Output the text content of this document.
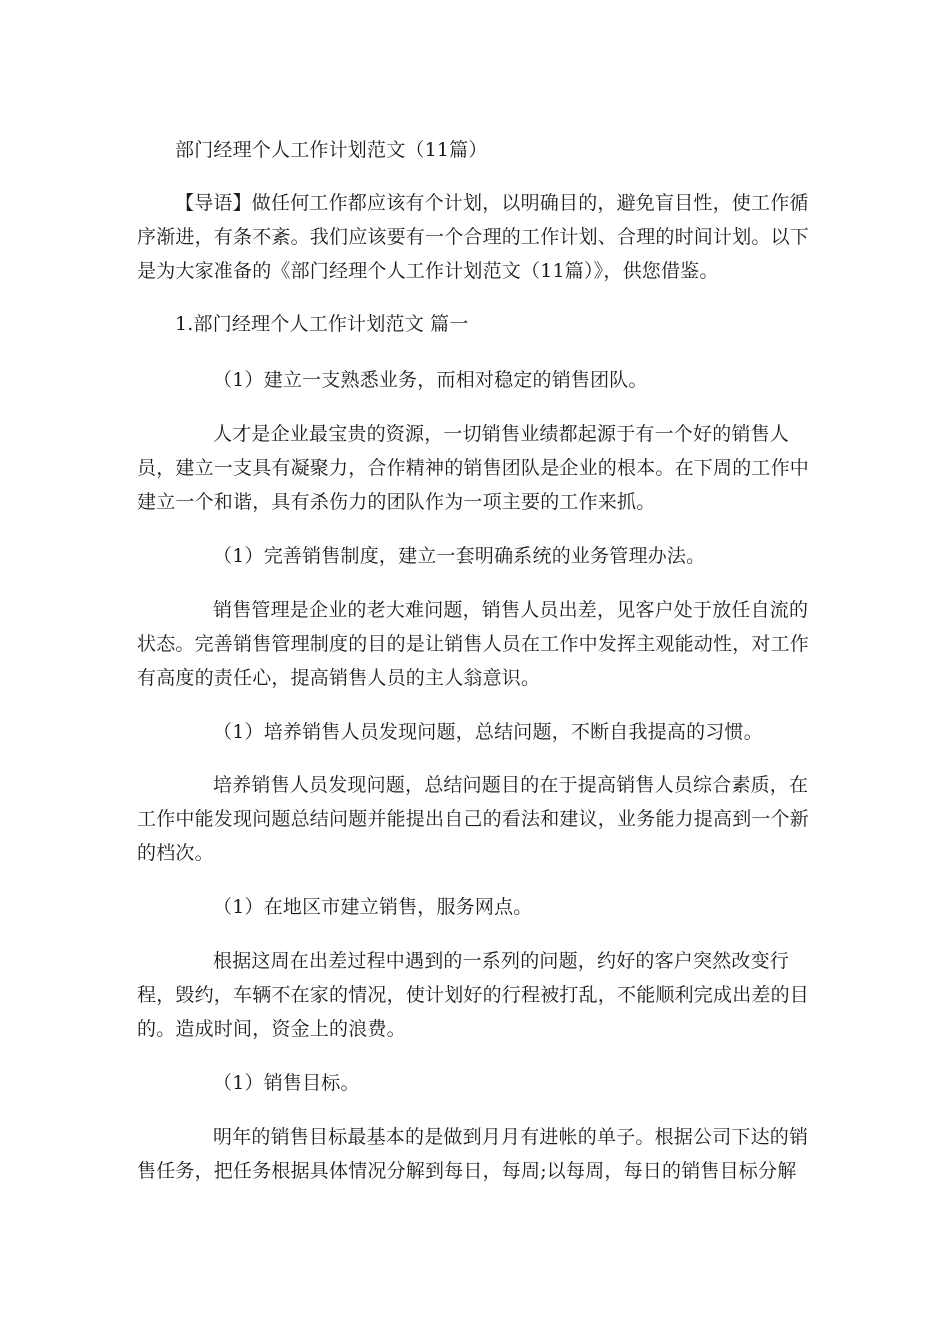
部门经理个人工作计划范文（11篇）

【导语】做任何工作都应该有个计划，以明确目的，避免盲目性，使工作循序渐进，有条不紊。我们应该要有一个合理的工作计划、合理的时间计划。以下是为大家准备的《部门经理个人工作计划范文（11篇）》，供您借鉴。

1.部门经理个人工作计划范文 篇一
（1）建立一支熟悉业务，而相对稳定的销售团队。

人才是企业最宝贵的资源，一切销售业绩都起源于有一个好的销售人员，建立一支具有凝聚力，合作精神的销售团队是企业的根本。在下周的工作中建立一个和谐，具有杀伤力的团队作为一项主要的工作来抓。

（1）完善销售制度，建立一套明确系统的业务管理办法。

销售管理是企业的老大难问题，销售人员出差，见客户处于放任自流的状态。完善销售管理制度的目的是让销售人员在工作中发挥主观能动性，对工作有高度的责任心，提高销售人员的主人翁意识。

（1）培养销售人员发现问题，总结问题，不断自我提高的习惯。

培养销售人员发现问题，总结问题目的在于提高销售人员综合素质，在工作中能发现问题总结问题并能提出自己的看法和建议，业务能力提高到一个新的档次。

（1）在地区市建立销售，服务网点。

根据这周在出差过程中遇到的一系列的问题，约好的客户突然改变行程，毁约，车辆不在家的情况，使计划好的行程被打乱，不能顺利完成出差的目的。造成时间，资金上的浪费。

（1）销售目标。

明年的销售目标最基本的是做到月月有进帐的单子。根据公司下达的销售任务，把任务根据具体情况分解到每日，每周;以每周，每日的销售目标分解
